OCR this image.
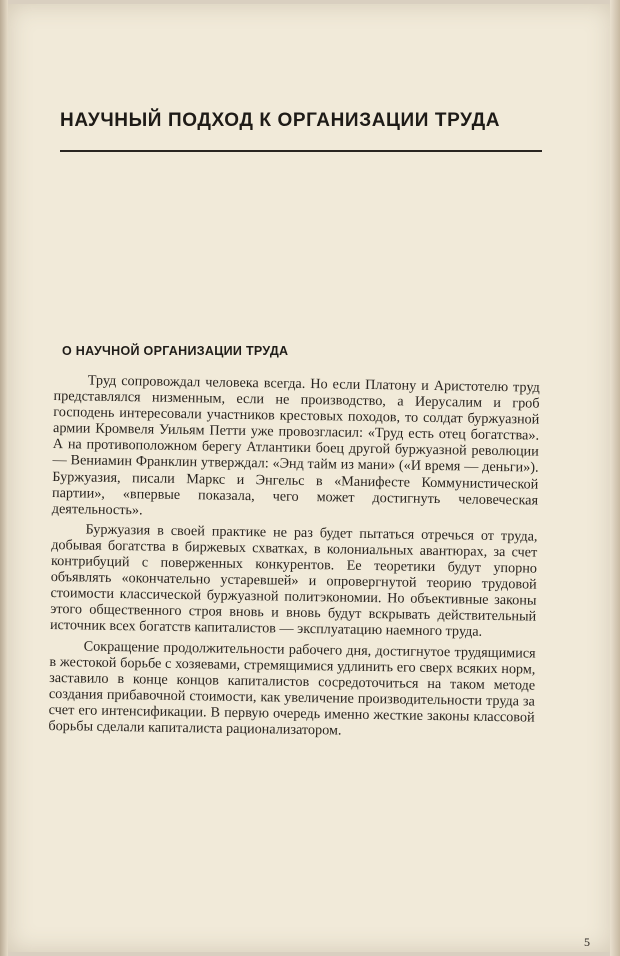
НАУЧНЫЙ ПОДХОД К ОРГАНИЗАЦИИ ТРУДА
О НАУЧНОЙ ОРГАНИЗАЦИИ ТРУДА

Труд сопровождал человека всегда. Но если Платону и Аристотелю труд представлялся низменным, если не производство, а Иерусалим и гроб господень интересовали участников крестовых походов, то солдат буржуазной армии Кромвеля Уильям Петти уже провозгласил: «Труд есть отец богатства». А на противоположном берегу Атлантики боец другой буржуазной революции — Вениамин Франклин утверждал: «Энд тайм из мани» («И время — деньги»). Буржуазия, писали Маркс и Энгельс в «Манифесте Коммунистической партии», «впервые показала, чего может достигнуть человеческая деятельность».

Буржуазия в своей практике не раз будет пытаться отречься от труда, добывая богатства в биржевых схватках, в колониальных авантюрах, за счет контрибуций с поверженных конкурентов. Ее теоретики будут упорно объявлять «окончательно устаревшей» и опровергнутой теорию трудовой стоимости классической буржуазной политэкономии. Но объективные законы этого общественного строя вновь и вновь будут вскрывать действительный источник всех богатств капиталистов — эксплуатацию наемного труда.

Сокращение продолжительности рабочего дня, достигнутое трудящимися в жестокой борьбе с хозяевами, стремящимися удлинить его сверх всяких норм, заставило в конце концов капиталистов сосредоточиться на таком методе создания прибавочной стоимости, как увеличение производительности труда за счет его интенсификации. В первую очередь именно жесткие законы классовой борьбы сделали капиталиста рационализатором.

5
